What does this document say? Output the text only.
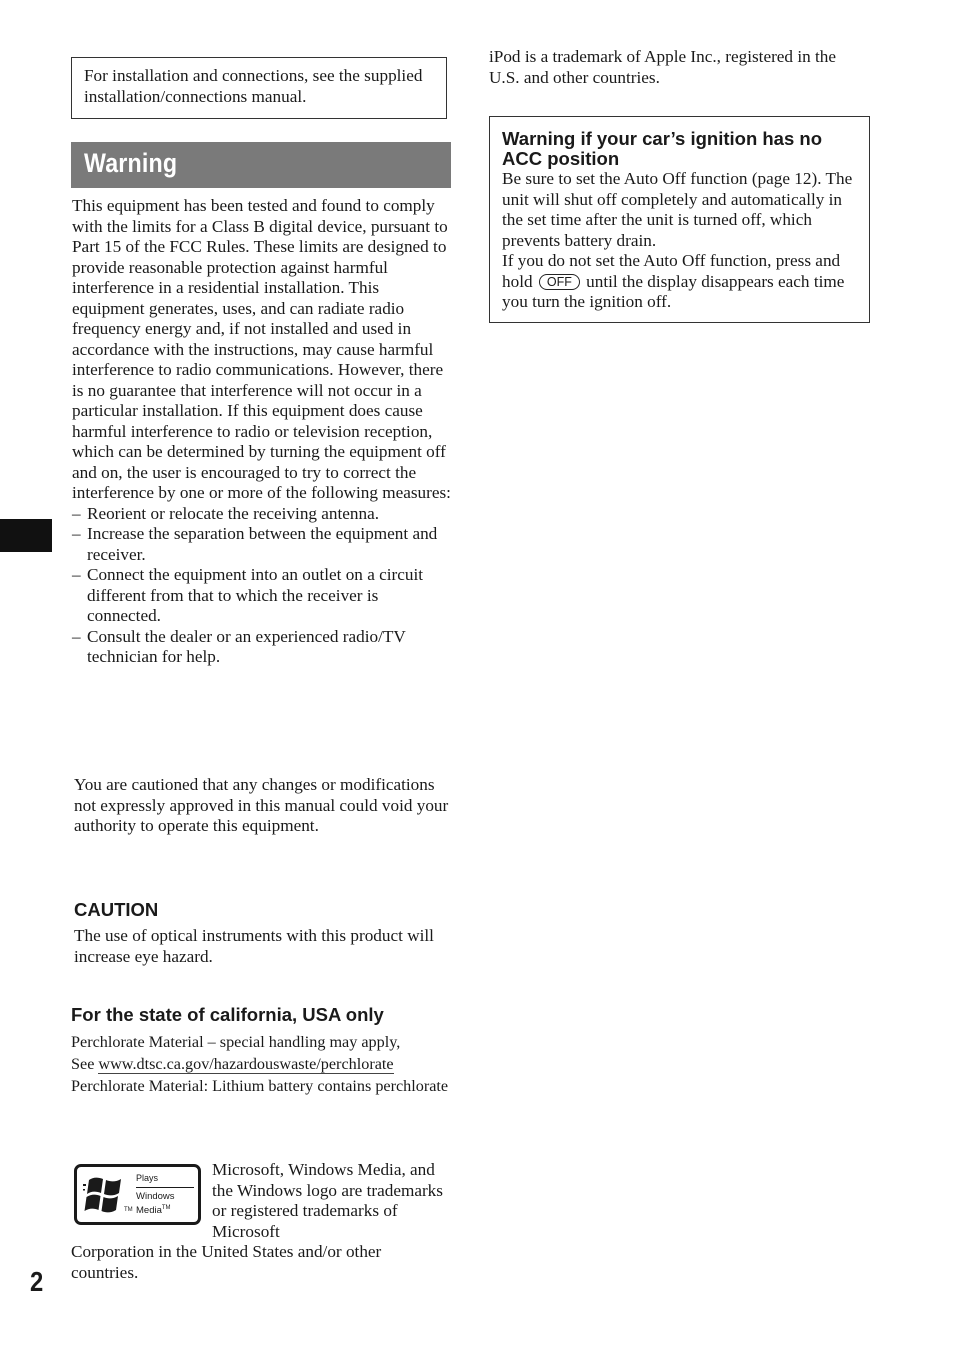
For installation and connections, see the supplied installation/connections manual.
Warning

This equipment has been tested and found to comply with the limits for a Class B digital device, pursuant to Part 15 of the FCC Rules. These limits are designed to provide reasonable protection against harmful interference in a residential installation. This equipment generates, uses, and can radiate radio frequency energy and, if not installed and used in accordance with the instructions, may cause harmful interference to radio communications. However, there is no guarantee that interference will not occur in a particular installation. If this equipment does cause harmful interference to radio or television reception, which can be determined by turning the equipment off and on, the user is encouraged to try to correct the interference by one or more of the following measures:

– Reorient or relocate the receiving antenna.
– Increase the separation between the equipment and receiver.
– Connect the equipment into an outlet on a circuit different from that to which the receiver is connected.
– Consult the dealer or an experienced radio/TV technician for help.

You are cautioned that any changes or modifications not expressly approved in this manual could void your authority to operate this equipment.

CAUTION

The use of optical instruments with this product will increase eye hazard.

For the state of california, USA only
Perchlorate Material – special handling may apply,
See www.dtsc.ca.gov/hazardouswaste/perchlorate
Perchlorate Material: Lithium battery contains perchlorate
TM
Plays
Windows
Media™

Microsoft, Windows Media, and the Windows logo are trademarks or registered trademarks of Microsoft

Corporation in the United States and/or other countries.

iPod is a trademark of Apple Inc., registered in the U.S. and other countries.

Warning if your car’s ignition has no ACC position

Be sure to set the Auto Off function (page 12). The unit will shut off completely and automatically in the set time after the unit is turned off, which prevents battery drain.

If you do not set the Auto Off function, press and hold OFF until the display disappears each time you turn the ignition off.

2
